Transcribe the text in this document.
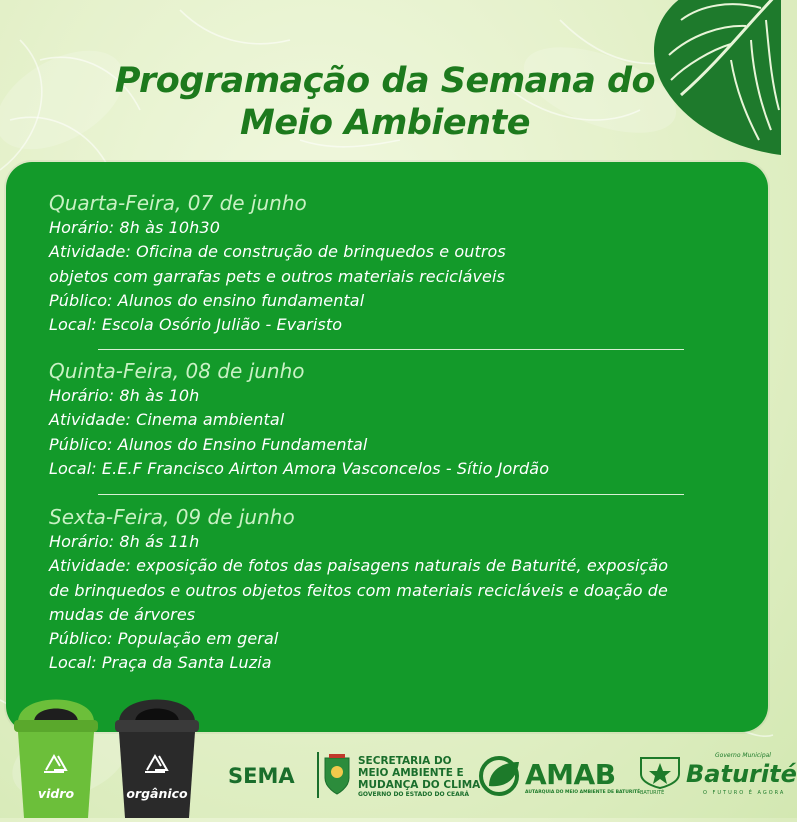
Programação da Semana do
Meio Ambiente
Quarta-Feira, 07 de junho
Horário: 8h às 10h30
Atividade: Oficina de construção de brinquedos e outros
objetos com garrafas pets e outros materiais recicláveis
Público: Alunos do ensino fundamental
Local: Escola Osório Julião - Evaristo
Quinta-Feira, 08 de junho
Horário: 8h às 10h
Atividade: Cinema ambiental
Público: Alunos do Ensino Fundamental
Local: E.E.F Francisco Airton Amora Vasconcelos - Sítio Jordão
Sexta-Feira, 09 de junho
Horário: 8h ás 11h
Atividade: exposição de fotos das paisagens naturais de Baturité, exposição
de brinquedos e outros objetos feitos com materiais recicláveis e doação de
mudas de árvores
Público: População em geral
Local: Praça da Santa Luzia
vidro	orgânico
SEMA
SECRETARIA DO
MEIO AMBIENTE E
MUDANÇA DO CLIMA
GOVERNO DO ESTADO DO CEARÁ
AMAB
AUTARQUIA DO MEIO AMBIENTE DE BATURITÉ BATURITÉ
Governo Municipal
Baturité
O FUTURO É AGORA
